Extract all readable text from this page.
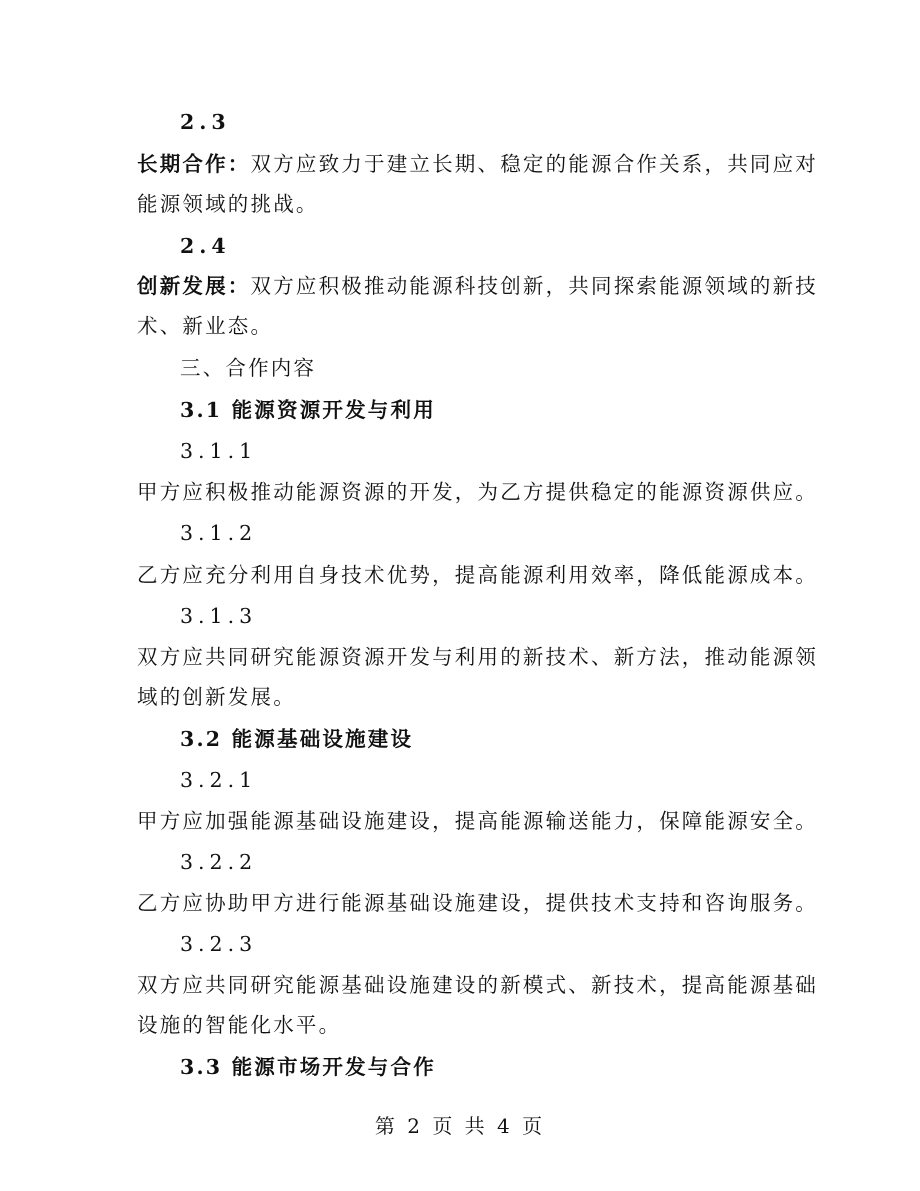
2.3
长期合作：双方应致力于建立长期、稳定的能源合作关系，共同应对
能源领域的挑战。
2.4
创新发展：双方应积极推动能源科技创新，共同探索能源领域的新技
术、新业态。
三、合作内容
3.1 能源资源开发与利用
3.1.1
甲方应积极推动能源资源的开发，为乙方提供稳定的能源资源供应。
3.1.2
乙方应充分利用自身技术优势，提高能源利用效率，降低能源成本。
3.1.3
双方应共同研究能源资源开发与利用的新技术、新方法，推动能源领
域的创新发展。
3.2 能源基础设施建设
3.2.1
甲方应加强能源基础设施建设，提高能源输送能力，保障能源安全。
3.2.2
乙方应协助甲方进行能源基础设施建设，提供技术支持和咨询服务。
3.2.3
双方应共同研究能源基础设施建设的新模式、新技术，提高能源基础
设施的智能化水平。
3.3 能源市场开发与合作
第 2 页 共 4 页
